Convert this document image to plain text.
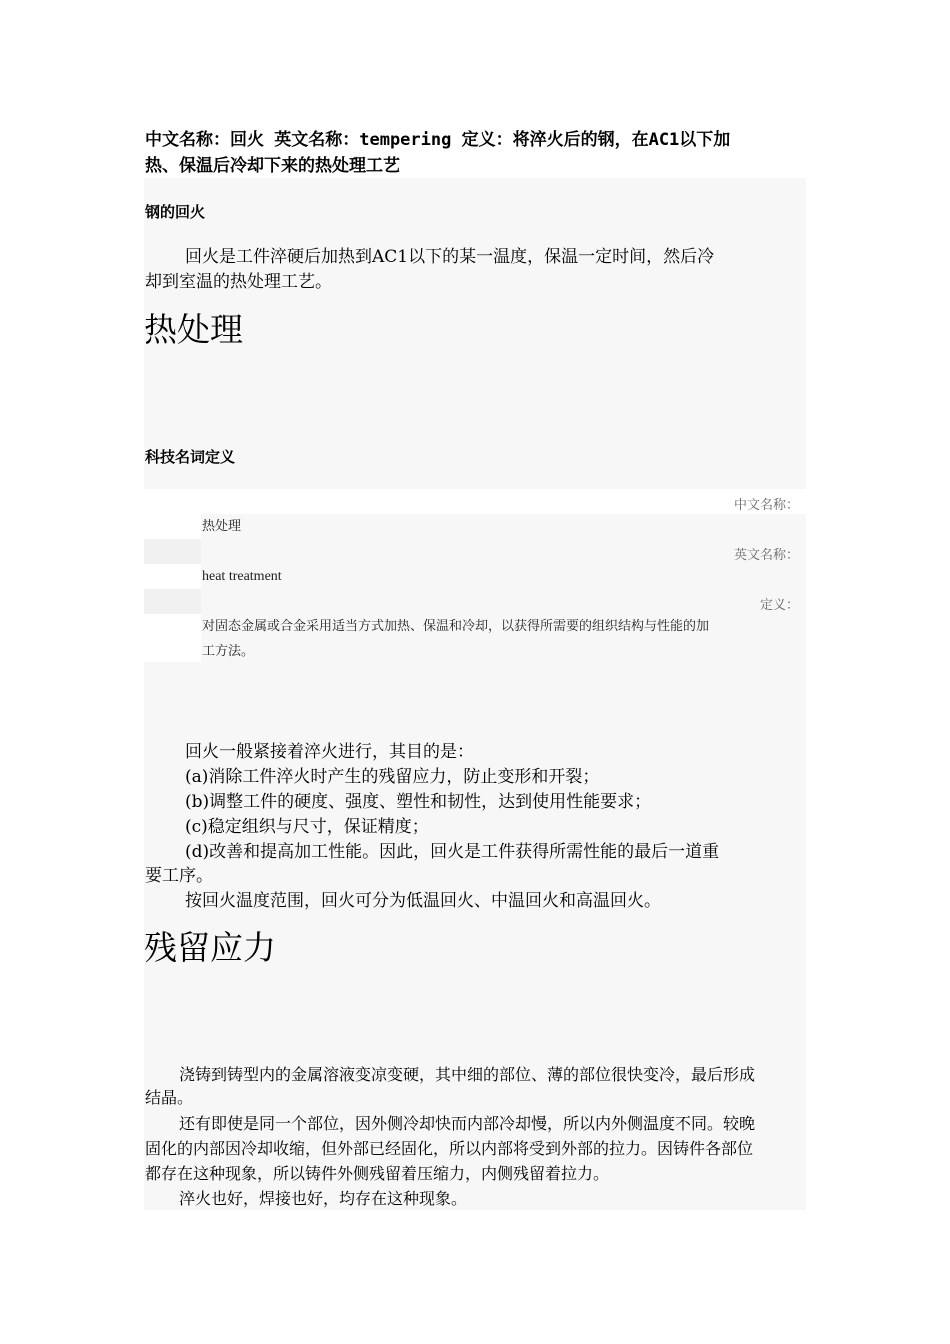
中文名称：回火 英文名称：tempering 定义：将淬火后的钢，在AC1以下加
热、保温后冷却下来的热处理工艺
钢的回火
回火是工件淬硬后加热到AC1以下的某一温度，保温一定时间，然后冷
却到室温的热处理工艺。
热处理
科技名词定义
中文名称：
热处理
英文名称：
heat treatment
定义：
对固态金属或合金采用适当方式加热、保温和冷却，以获得所需要的组织结构与性能的加
工方法。
回火一般紧接着淬火进行，其目的是：
(a)消除工件淬火时产生的残留应力，防止变形和开裂；
(b)调整工件的硬度、强度、塑性和韧性，达到使用性能要求；
(c)稳定组织与尺寸，保证精度；
(d)改善和提高加工性能。因此，回火是工件获得所需性能的最后一道重
要工序。
按回火温度范围，回火可分为低温回火、中温回火和高温回火。
残留应力
浇铸到铸型内的金属溶液变凉变硬，其中细的部位、薄的部位很快变冷，最后形成
结晶。
还有即使是同一个部位，因外侧冷却快而内部冷却慢，所以内外侧温度不同。较晚
固化的内部因冷却收缩，但外部已经固化，所以内部将受到外部的拉力。因铸件各部位
都存在这种现象，所以铸件外侧残留着压缩力，内侧残留着拉力。
淬火也好，焊接也好，均存在这种现象。
